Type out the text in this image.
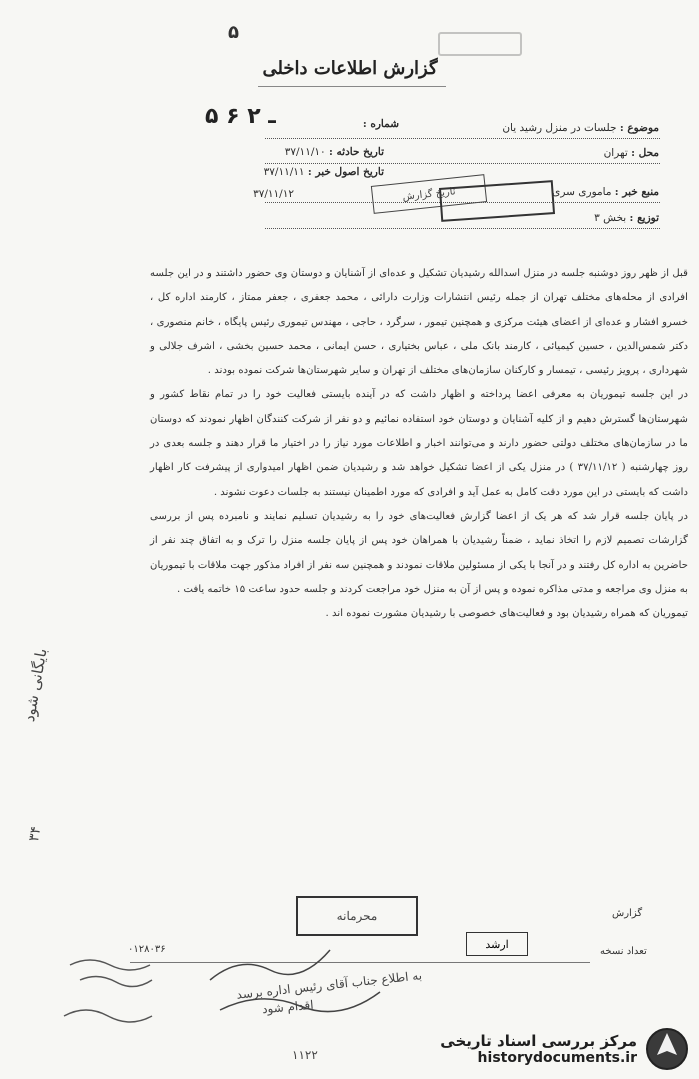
۵
گزارش اطلاعات داخلی
موضوع : جلسات در منزل رشید یان
محل : تهران
منبع خبر : ماموری سری
توزیع : بخش ۳
۵ ـ ۲ ۶	شماره :
تاریخ حادثه : ۳۷/۱۱/۱۰
تاریخ اصول خبر : ۳۷/۱۱/۱۱
۳۷/۱۱/۱۲	تاریخ گزارش

قبل از ظهر روز دوشنبه جلسه در منزل اسدالله رشیدیان تشکیل و عده‌ای از آشنایان و دوستان وی حضور داشتند و در این جلسه افرادی از محله‌های مختلف تهران از جمله رئیس انتشارات وزارت دارائی ، محمد جعفری ، جعفر ممتاز ، کارمند اداره کل ، خسرو افشار و عده‌ای از اعضای هیئت مرکزی و همچنین تیمور ، سرگرد ، حاجی ، مهندس تیموری رئیس پایگاه ، خانم منصوری ، دکتر شمس‌الدین ، حسین کیمیائی ، کارمند بانک ملی ، عباس بختیاری ، حسن ایمانی ، محمد حسین بخشی ، اشرف جلالی و شهرداری ، پرویز رئیسی ، تیمسار و کارکنان سازمان‌های مختلف از تهران و سایر شهرستان‌ها شرکت نموده بودند .

در این جلسه تیموریان به معرفی اعضا پرداخته و اظهار داشت که در آینده بایستی فعالیت خود را در تمام نقاط کشور و شهرستان‌ها گسترش دهیم و از کلیه آشنایان و دوستان خود استفاده نمائیم و دو نفر از شرکت کنندگان اظهار نمودند که دوستان ما در سازمان‌های مختلف دولتی حضور دارند و می‌توانند اخبار و اطلاعات مورد نیاز را در اختیار ما قرار دهند و جلسه بعدی در روز چهارشنبه ( ۳۷/۱۱/۱۲ ) در منزل یکی از اعضا تشکیل خواهد شد و رشیدیان ضمن اظهار امیدواری از پیشرفت کار اظهار داشت که بایستی در این مورد دقت کامل به عمل آید و افرادی که مورد اطمینان نیستند به جلسات دعوت نشوند .

در پایان جلسه قرار شد که هر یک از اعضا گزارش فعالیت‌های خود را به رشیدیان تسلیم نمایند و نامبرده پس از بررسی گزارشات تصمیم لازم را اتخاذ نماید ، ضمناً رشیدیان با همراهان خود پس از پایان جلسه منزل را ترک و به اتفاق چند نفر از حاضرین به اداره کل رفتند و در آنجا با یکی از مسئولین ملاقات نمودند و همچنین سه نفر از افراد مذکور جهت ملاقات با تیموریان به منزل وی مراجعه و مدتی مذاکره نموده و پس از آن به منزل خود مراجعت کردند و جلسه حدود ساعت ۱۵ خاتمه یافت .

تیموریان که همراه رشیدیان بود و فعالیت‌های خصوصی با رشیدیان مشورت نموده اند .

بایگانی شود
۳۴
گزارش
ارشد
محرمانه
تعداد نسخه
۰۱۲۸۰۳۶
به اطلاع جناب آقای رئیس اداره برسد
اقدام شود
۱۱۲۲
مرکز بررسی اسناد تاریخی
historydocuments.ir
